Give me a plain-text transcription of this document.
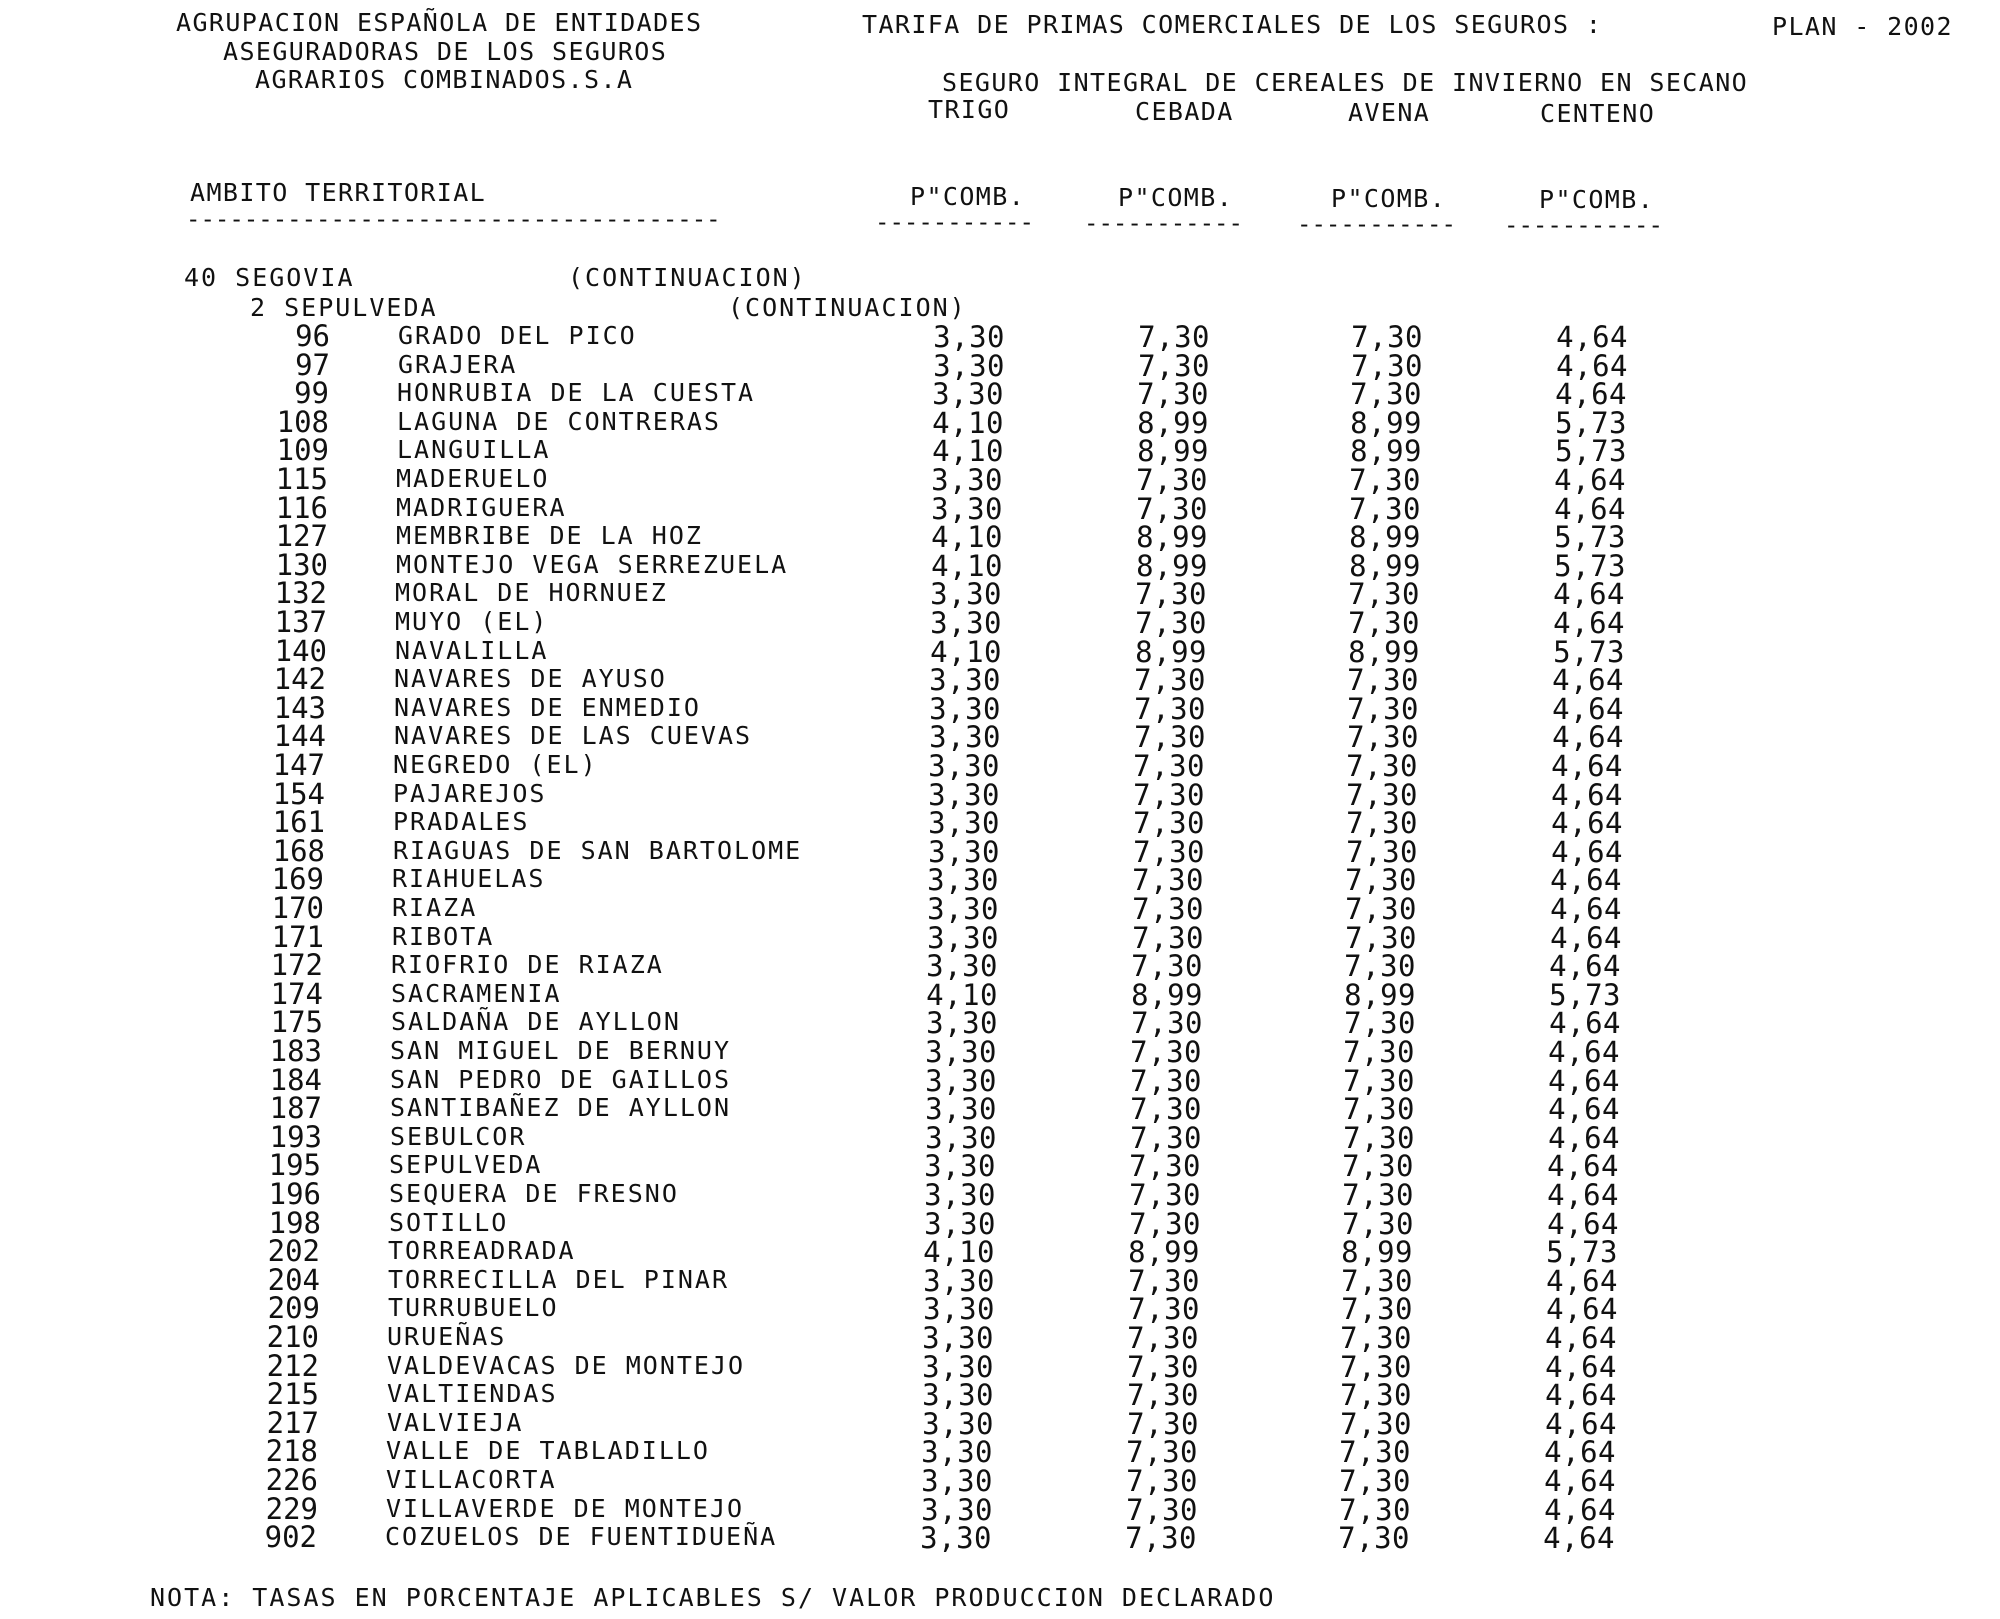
AGRUPACION ESPAÑOLA DE ENTIDADES
ASEGURADORAS DE LOS SEGUROS
AGRARIOS COMBINADOS.S.A
TARIFA DE PRIMAS COMERCIALES DE LOS SEGUROS :	PLAN - 2002
SEGURO INTEGRAL DE CEREALES DE INVIERNO EN SECANO
TRIGO	CEBADA	AVENA	CENTENO
AMBITO TERRITORIAL
-------------------------------------
P"COMB.	P"COMB.	P"COMB.	P"COMB.
----------- ----------- ----------- -----------
40 SEGOVIA	(CONTINUACION)
2 SEPULVEDA	(CONTINUACION)
96	GRADO DEL PICO	3,30	7,30	7,30	4,64
97	GRAJERA	3,30	7,30	7,30	4,64
99	HONRUBIA DE LA CUESTA	3,30	7,30	7,30	4,64
108	LAGUNA DE CONTRERAS	4,10	8,99	8,99	5,73
109	LANGUILLA	4,10	8,99	8,99	5,73
115	MADERUELO	3,30	7,30	7,30	4,64
116	MADRIGUERA	3,30	7,30	7,30	4,64
127	MEMBRIBE DE LA HOZ	4,10	8,99	8,99	5,73
130	MONTEJO VEGA SERREZUELA	4,10	8,99	8,99	5,73
132	MORAL DE HORNUEZ	3,30	7,30	7,30	4,64
137	MUYO (EL)	3,30	7,30	7,30	4,64
140	NAVALILLA	4,10	8,99	8,99	5,73
142	NAVARES DE AYUSO	3,30	7,30	7,30	4,64
143	NAVARES DE ENMEDIO	3,30	7,30	7,30	4,64
144	NAVARES DE LAS CUEVAS	3,30	7,30	7,30	4,64
147	NEGREDO (EL)	3,30	7,30	7,30	4,64
154	PAJAREJOS	3,30	7,30	7,30	4,64
161	PRADALES	3,30	7,30	7,30	4,64
168	RIAGUAS DE SAN BARTOLOME	3,30	7,30	7,30	4,64
169	RIAHUELAS	3,30	7,30	7,30	4,64
170	RIAZA	3,30	7,30	7,30	4,64
171	RIBOTA	3,30	7,30	7,30	4,64
172	RIOFRIO DE RIAZA	3,30	7,30	7,30	4,64
174	SACRAMENIA	4,10	8,99	8,99	5,73
175	SALDAÑA DE AYLLON	3,30	7,30	7,30	4,64
183	SAN MIGUEL DE BERNUY	3,30	7,30	7,30	4,64
184	SAN PEDRO DE GAILLOS	3,30	7,30	7,30	4,64
187	SANTIBAÑEZ DE AYLLON	3,30	7,30	7,30	4,64
193	SEBULCOR	3,30	7,30	7,30	4,64
195	SEPULVEDA	3,30	7,30	7,30	4,64
196	SEQUERA DE FRESNO	3,30	7,30	7,30	4,64
198	SOTILLO	3,30	7,30	7,30	4,64
202	TORREADRADA	4,10	8,99	8,99	5,73
204	TORRECILLA DEL PINAR	3,30	7,30	7,30	4,64
209	TURRUBUELO	3,30	7,30	7,30	4,64
210	URUEÑAS	3,30	7,30	7,30	4,64
212	VALDEVACAS DE MONTEJO	3,30	7,30	7,30	4,64
215	VALTIENDAS	3,30	7,30	7,30	4,64
217	VALVIEJA	3,30	7,30	7,30	4,64
218	VALLE DE TABLADILLO	3,30	7,30	7,30	4,64
226	VILLACORTA	3,30	7,30	7,30	4,64
229	VILLAVERDE DE MONTEJO	3,30	7,30	7,30	4,64
902	COZUELOS DE FUENTIDUEÑA	3,30	7,30	7,30	4,64
NOTA: TASAS EN PORCENTAJE APLICABLES S/ VALOR PRODUCCION DECLARADO
